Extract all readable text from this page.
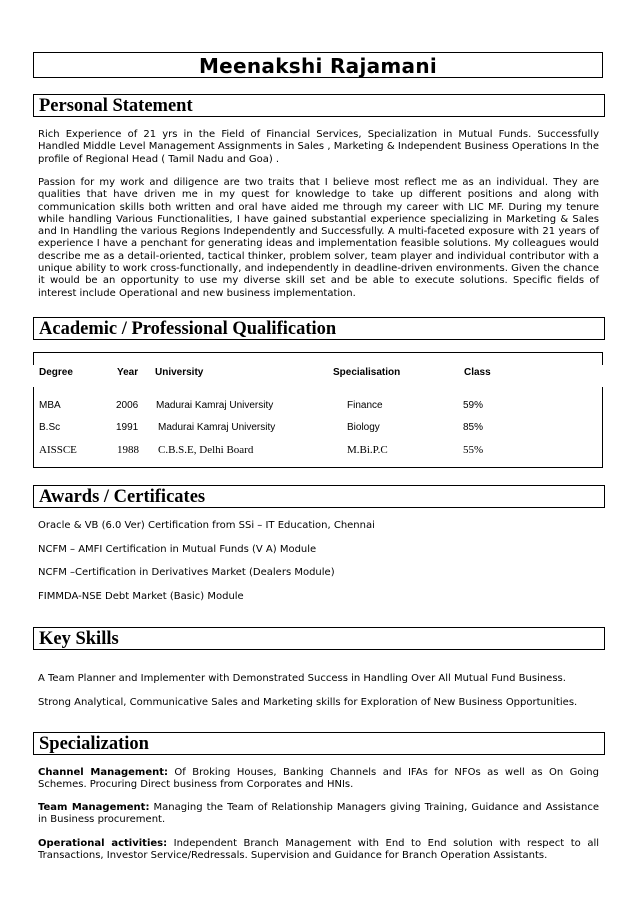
Meenakshi Rajamani
Personal Statement

Rich Experience of 21 yrs in the Field of Financial Services, Specialization in Mutual Funds. Successfully Handled Middle Level Management Assignments in Sales , Marketing & Independent Business Operations In the profile of Regional Head ( Tamil Nadu and Goa) .

Passion for my work and diligence are two traits that I believe most reflect me as an individual. They are qualities that have driven me in my quest for knowledge to take up different positions and along with communication skills both written and oral have aided me through my career with LIC MF. During my tenure while handling Various Functionalities, I have gained substantial experience specializing in Marketing & Sales and In Handling the various Regions Independently and Successfully. A multi-faceted exposure with 21 years of experience I have a penchant for generating ideas and implementation feasible solutions. My colleagues would describe me as a detail-oriented, tactical thinker, problem solver, team player and individual contributor with a unique ability to work cross-functionally, and independently in deadline-driven environments. Given the chance it would be an opportunity to use my diverse skill set and be able to execute solutions. Specific fields of interest include Operational and new business implementation.

Academic / Professional Qualification
Degree	Year University	Specialisation	Class
MBA	2006 Madurai Kamraj University	Finance	59%
B.Sc	1991 Madurai Kamraj University	Biology	85%
AISSCE	1988 C.B.S.E, Delhi Board	M.Bi.P.C	55%
Awards / Certificates
Oracle & VB (6.0 Ver) Certification from SSi – IT Education, Chennai
NCFM – AMFI Certification in Mutual Funds (V A) Module
NCFM –Certification in Derivatives Market (Dealers Module)
FIMMDA-NSE Debt Market (Basic) Module
Key Skills
A Team Planner and Implementer with Demonstrated Success in Handling Over All Mutual Fund Business.
Strong Analytical, Communicative Sales and Marketing skills for Exploration of New Business Opportunities.
Specialization

Channel Management: Of Broking Houses, Banking Channels and IFAs for NFOs as well as On Going Schemes. Procuring Direct business from Corporates and HNIs.

Team Management: Managing the Team of Relationship Managers giving Training, Guidance and Assistance in Business procurement.

Operational activities: Independent Branch Management with End to End solution with respect to all Transactions, Investor Service/Redressals. Supervision and Guidance for Branch Operation Assistants.
